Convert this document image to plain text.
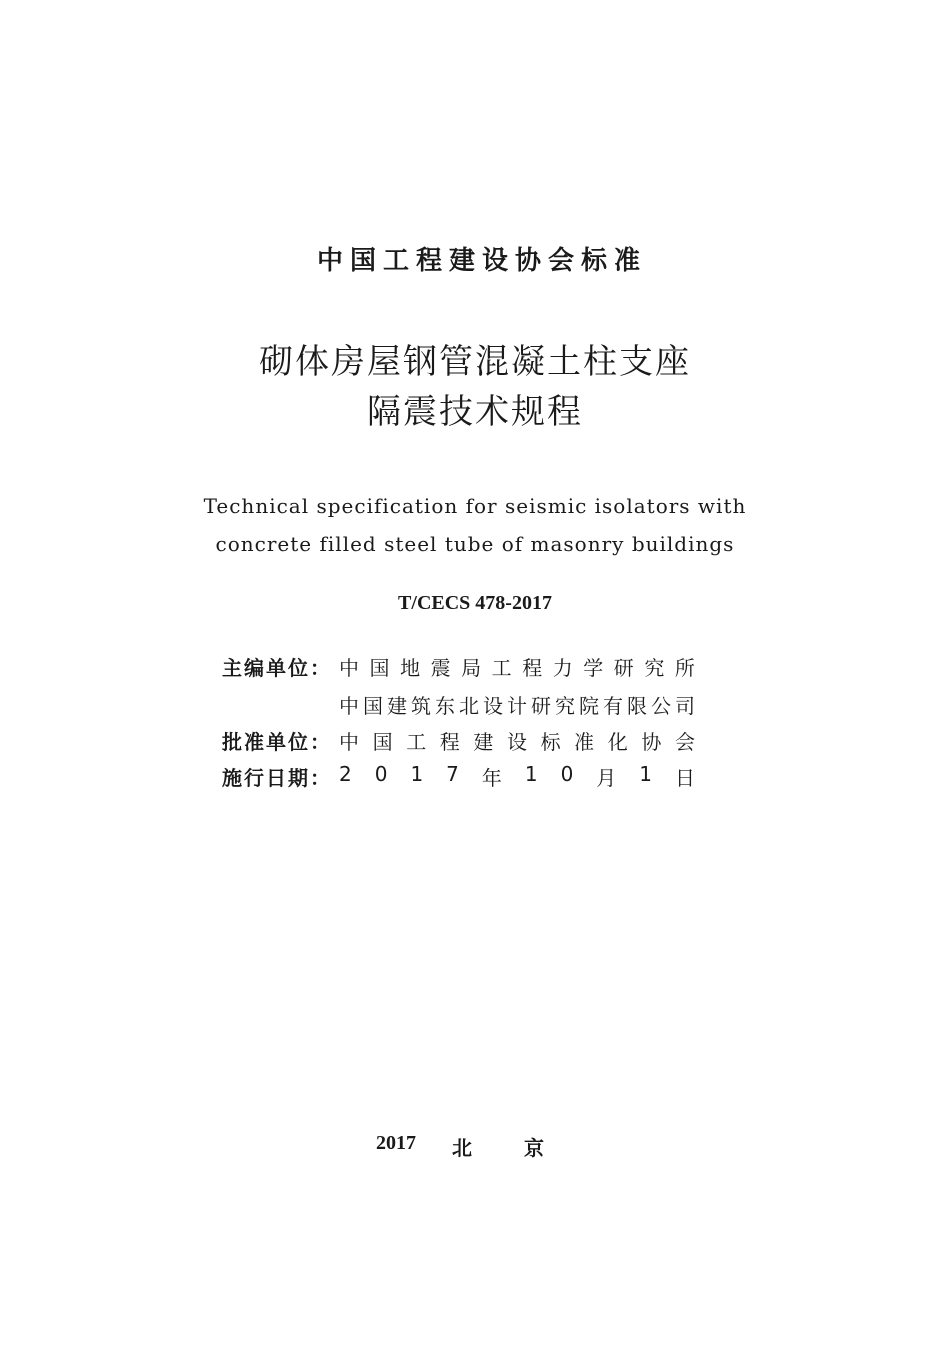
中国工程建设协会标准
砌体房屋钢管混凝土柱支座
隔震技术规程
Technical specification for seismic isolators with
concrete filled steel tube of masonry buildings
T/CECS 478-2017
主编单位： 中 国 地 震 局 工 程 力 学 研 究 所
中 国 建 筑 东 北 设 计 研 究 院 有 限 公 司
批准单位： 中 国 工 程 建 设 标 准 化 协 会
施行日期： 2 0 1 7 年 1 0 月 1 日
2017 北	京
